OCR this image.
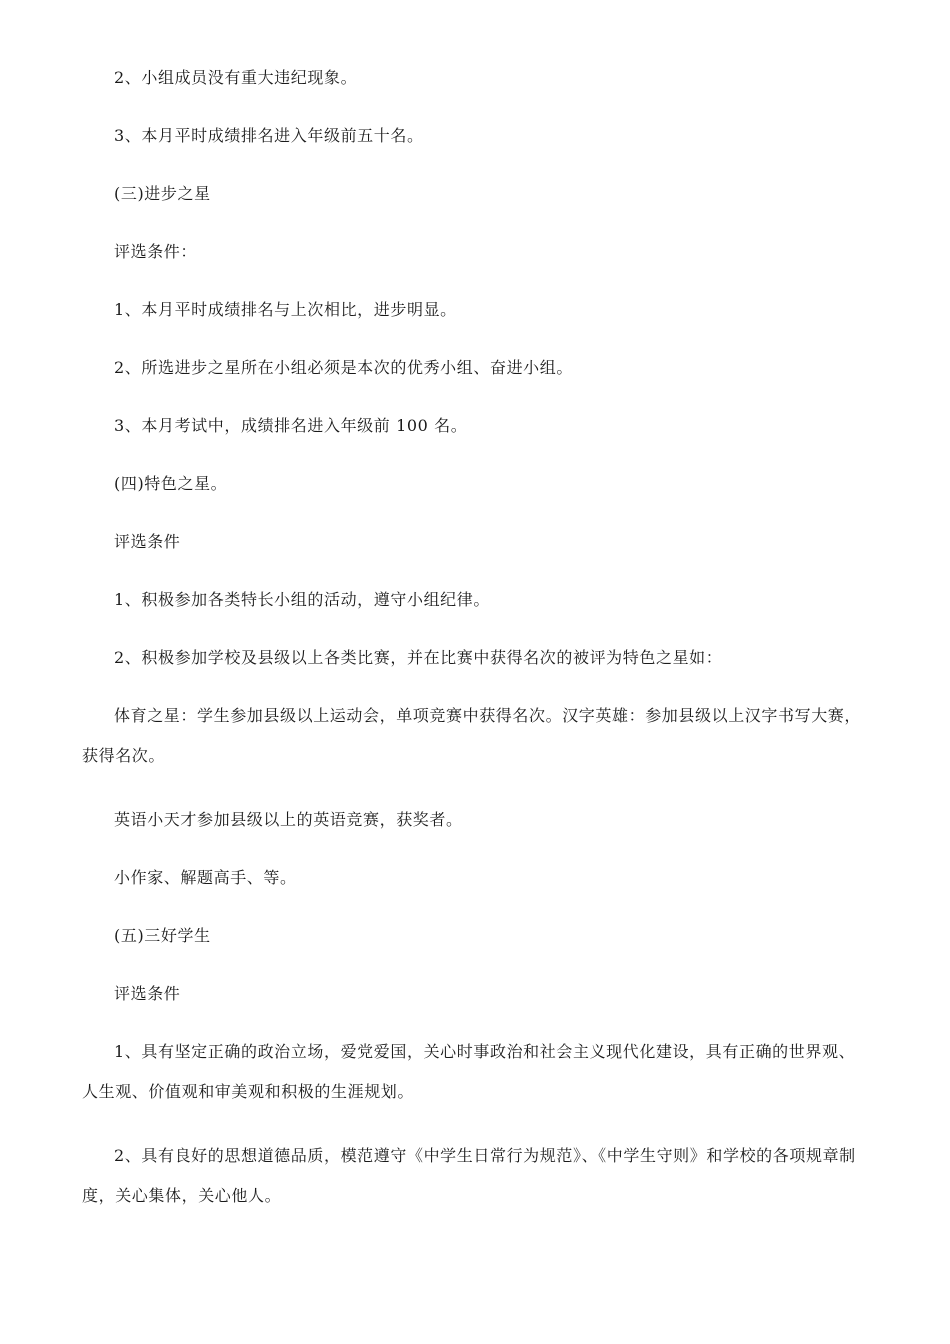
2、小组成员没有重大违纪现象。

3、本月平时成绩排名进入年级前五十名。

(三)进步之星

评选条件：

1、本月平时成绩排名与上次相比，进步明显。

2、所选进步之星所在小组必须是本次的优秀小组、奋进小组。

3、本月考试中，成绩排名进入年级前 100 名。

(四)特色之星。

评选条件

1、积极参加各类特长小组的活动，遵守小组纪律。

2、积极参加学校及县级以上各类比赛，并在比赛中获得名次的被评为特色之星如：

体育之星：学生参加县级以上运动会，单项竞赛中获得名次。汉字英雄：参加县级以上汉字书写大赛，获得名次。

英语小天才参加县级以上的英语竞赛，获奖者。

小作家、解题高手、等。

(五)三好学生

评选条件

1、具有坚定正确的政治立场，爱党爱国，关心时事政治和社会主义现代化建设，具有正确的世界观、人生观、价值观和审美观和积极的生涯规划。

2、具有良好的思想道德品质，模范遵守《中学生日常行为规范》、《中学生守则》和学校的各项规章制度，关心集体，关心他人。
